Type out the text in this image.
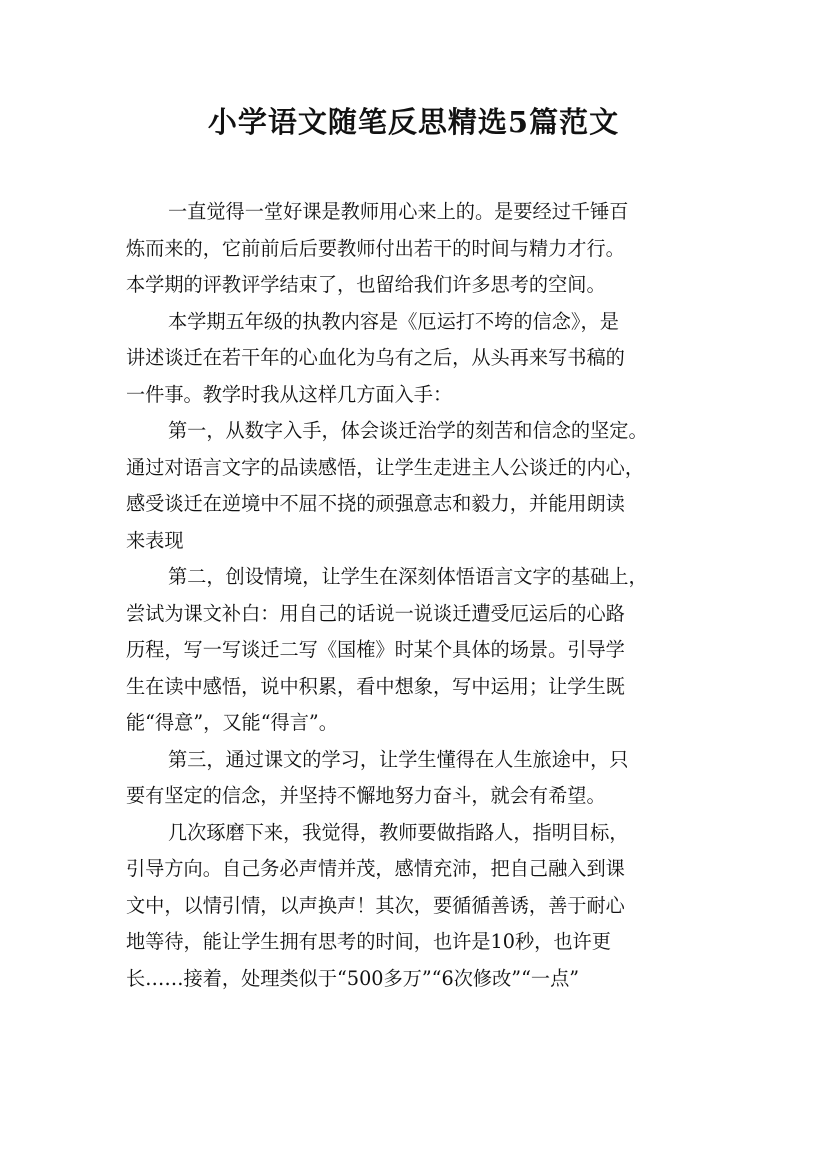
小学语文随笔反思精选5篇范文

一直觉得一堂好课是教师用心来上的。是要经过千锤百
炼而来的，它前前后后要教师付出若干的时间与精力才行。
本学期的评教评学结束了，也留给我们许多思考的空间。

本学期五年级的执教内容是《厄运打不垮的信念》，是
讲述谈迁在若干年的心血化为乌有之后，从头再来写书稿的
一件事。教学时我从这样几方面入手：

第一，从数字入手，体会谈迁治学的刻苦和信念的坚定。
通过对语言文字的品读感悟，让学生走进主人公谈迁的内心，
感受谈迁在逆境中不屈不挠的顽强意志和毅力，并能用朗读
来表现

第二，创设情境，让学生在深刻体悟语言文字的基础上，
尝试为课文补白：用自己的话说一说谈迁遭受厄运后的心路
历程，写一写谈迁二写《国榷》时某个具体的场景。引导学
生在读中感悟，说中积累，看中想象，写中运用；让学生既
能“得意”，又能“得言”。

第三，通过课文的学习，让学生懂得在人生旅途中，只
要有坚定的信念，并坚持不懈地努力奋斗，就会有希望。

几次琢磨下来，我觉得，教师要做指路人，指明目标，
引导方向。自己务必声情并茂，感情充沛，把自己融入到课
文中，以情引情，以声换声！其次，要循循善诱，善于耐心
地等待，能让学生拥有思考的时间，也许是10秒，也许更
长……接着，处理类似于“500多万”“6次修改”“一点”
